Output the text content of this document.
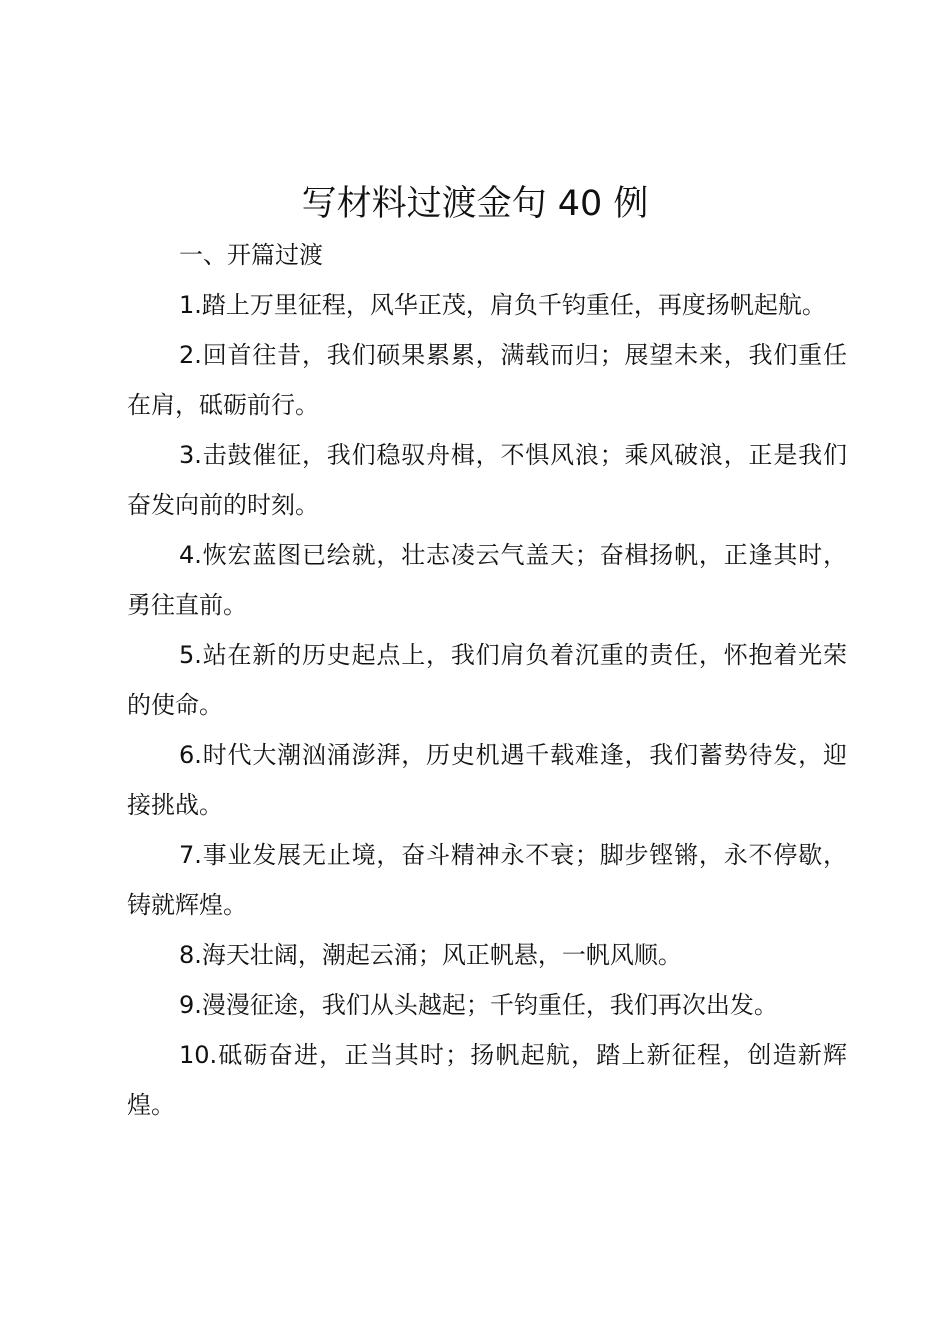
写材料过渡金句 40 例

一、开篇过渡

1.踏上万里征程，风华正茂，肩负千钧重任，再度扬帆起航。

2.回首往昔，我们硕果累累，满载而归；展望未来，我们重任在肩，砥砺前行。

3.击鼓催征，我们稳驭舟楫，不惧风浪；乘风破浪，正是我们奋发向前的时刻。

4.恢宏蓝图已绘就，壮志凌云气盖天；奋楫扬帆，正逢其时，勇往直前。

5.站在新的历史起点上，我们肩负着沉重的责任，怀抱着光荣的使命。

6.时代大潮汹涌澎湃，历史机遇千载难逢，我们蓄势待发，迎接挑战。

7.事业发展无止境，奋斗精神永不衰；脚步铿锵，永不停歇，铸就辉煌。

8.海天壮阔，潮起云涌；风正帆悬，一帆风顺。

9.漫漫征途，我们从头越起；千钧重任，我们再次出发。

10.砥砺奋进，正当其时；扬帆起航，踏上新征程，创造新辉煌。
